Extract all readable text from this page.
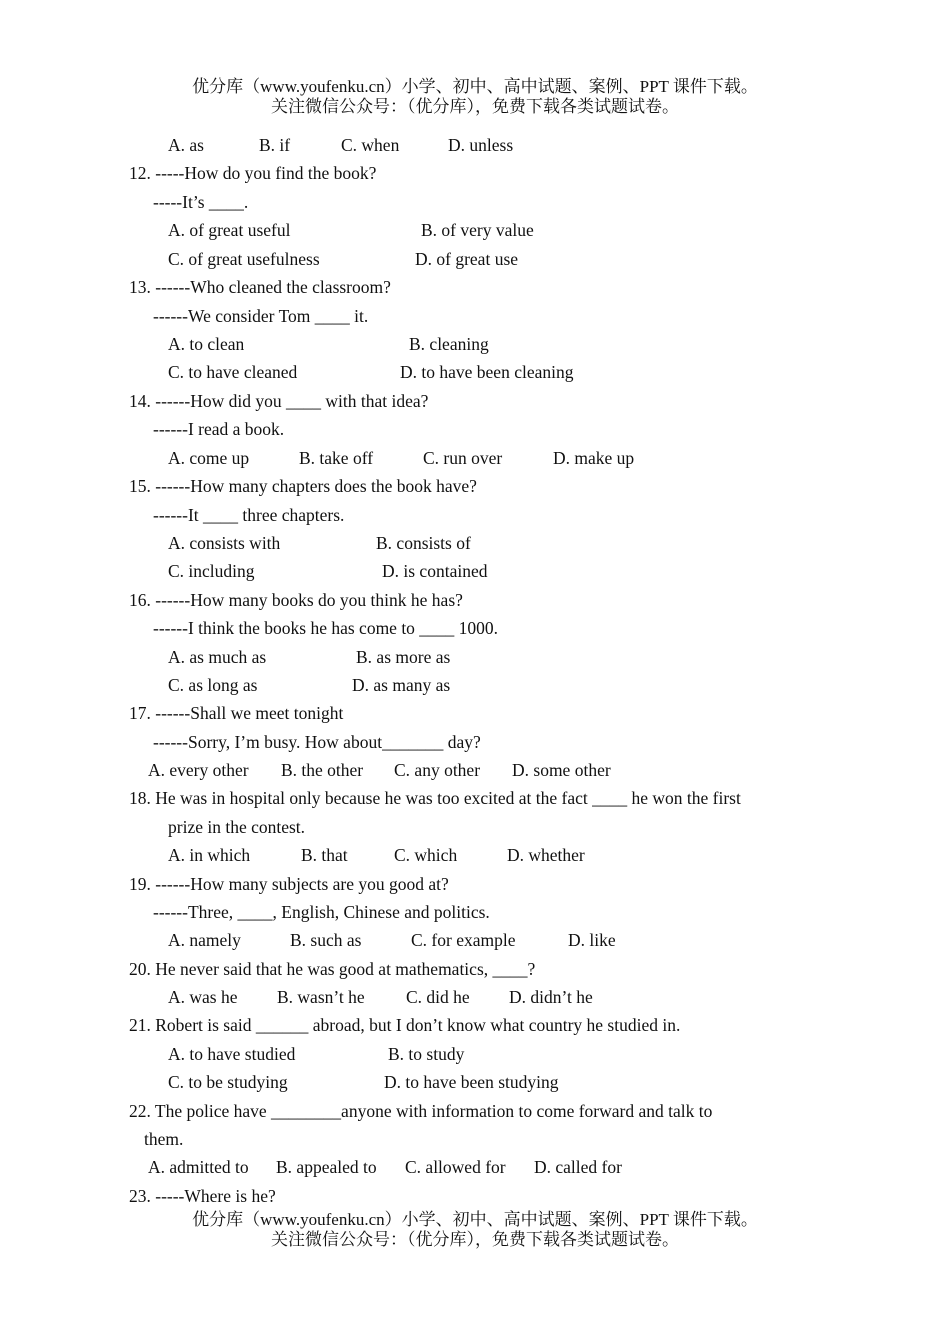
优分库（www.youfenku.cn）小学、初中、高中试题、案例、PPT 课件下载。
关注微信公众号：（优分库），免费下载各类试题试卷。
A. as	B. if	C. when	D. unless
12. -----How do you find the book?
-----It’s ____.
A. of great useful	B. of very value
C. of great usefulness	D. of great use
13. ------Who cleaned the classroom?
------We consider Tom ____ it.
A. to clean	B. cleaning
C. to have cleaned	D. to have been cleaning
14. ------How did you ____ with that idea?
------I read a book.
A. come up	B. take off	C. run over	D. make up
15. ------How many chapters does the book have?
------It ____ three chapters.
A. consists with	B. consists of
C. including	D. is contained
16. ------How many books do you think he has?
------I think the books he has come to ____ 1000.
A. as much as	B. as more as
C. as long as	D. as many as
17. ------Shall we meet tonight
------Sorry, I’m busy. How about_______ day?
A. every other B. the other C. any other D. some other
18. He was in hospital only because he was too excited at the fact ____ he won the first
prize in the contest.
A. in which	B. that	C. which	D. whether
19. ------How many subjects are you good at?
------Three, ____, English, Chinese and politics.
A. namely	B. such as	C. for example	D. like
20. He never said that he was good at mathematics, ____?
A. was he B. wasn’t he C. did he D. didn’t he
21. Robert is said ______ abroad, but I don’t know what country he studied in.
A. to have studied	B. to study
C. to be studying	D. to have been studying
22. The police have ________anyone with information to come forward and talk to
them.
A. admitted to B. appealed to C. allowed for D. called for
23. -----Where is he?
优分库（www.youfenku.cn）小学、初中、高中试题、案例、PPT 课件下载。
关注微信公众号：（优分库），免费下载各类试题试卷。
